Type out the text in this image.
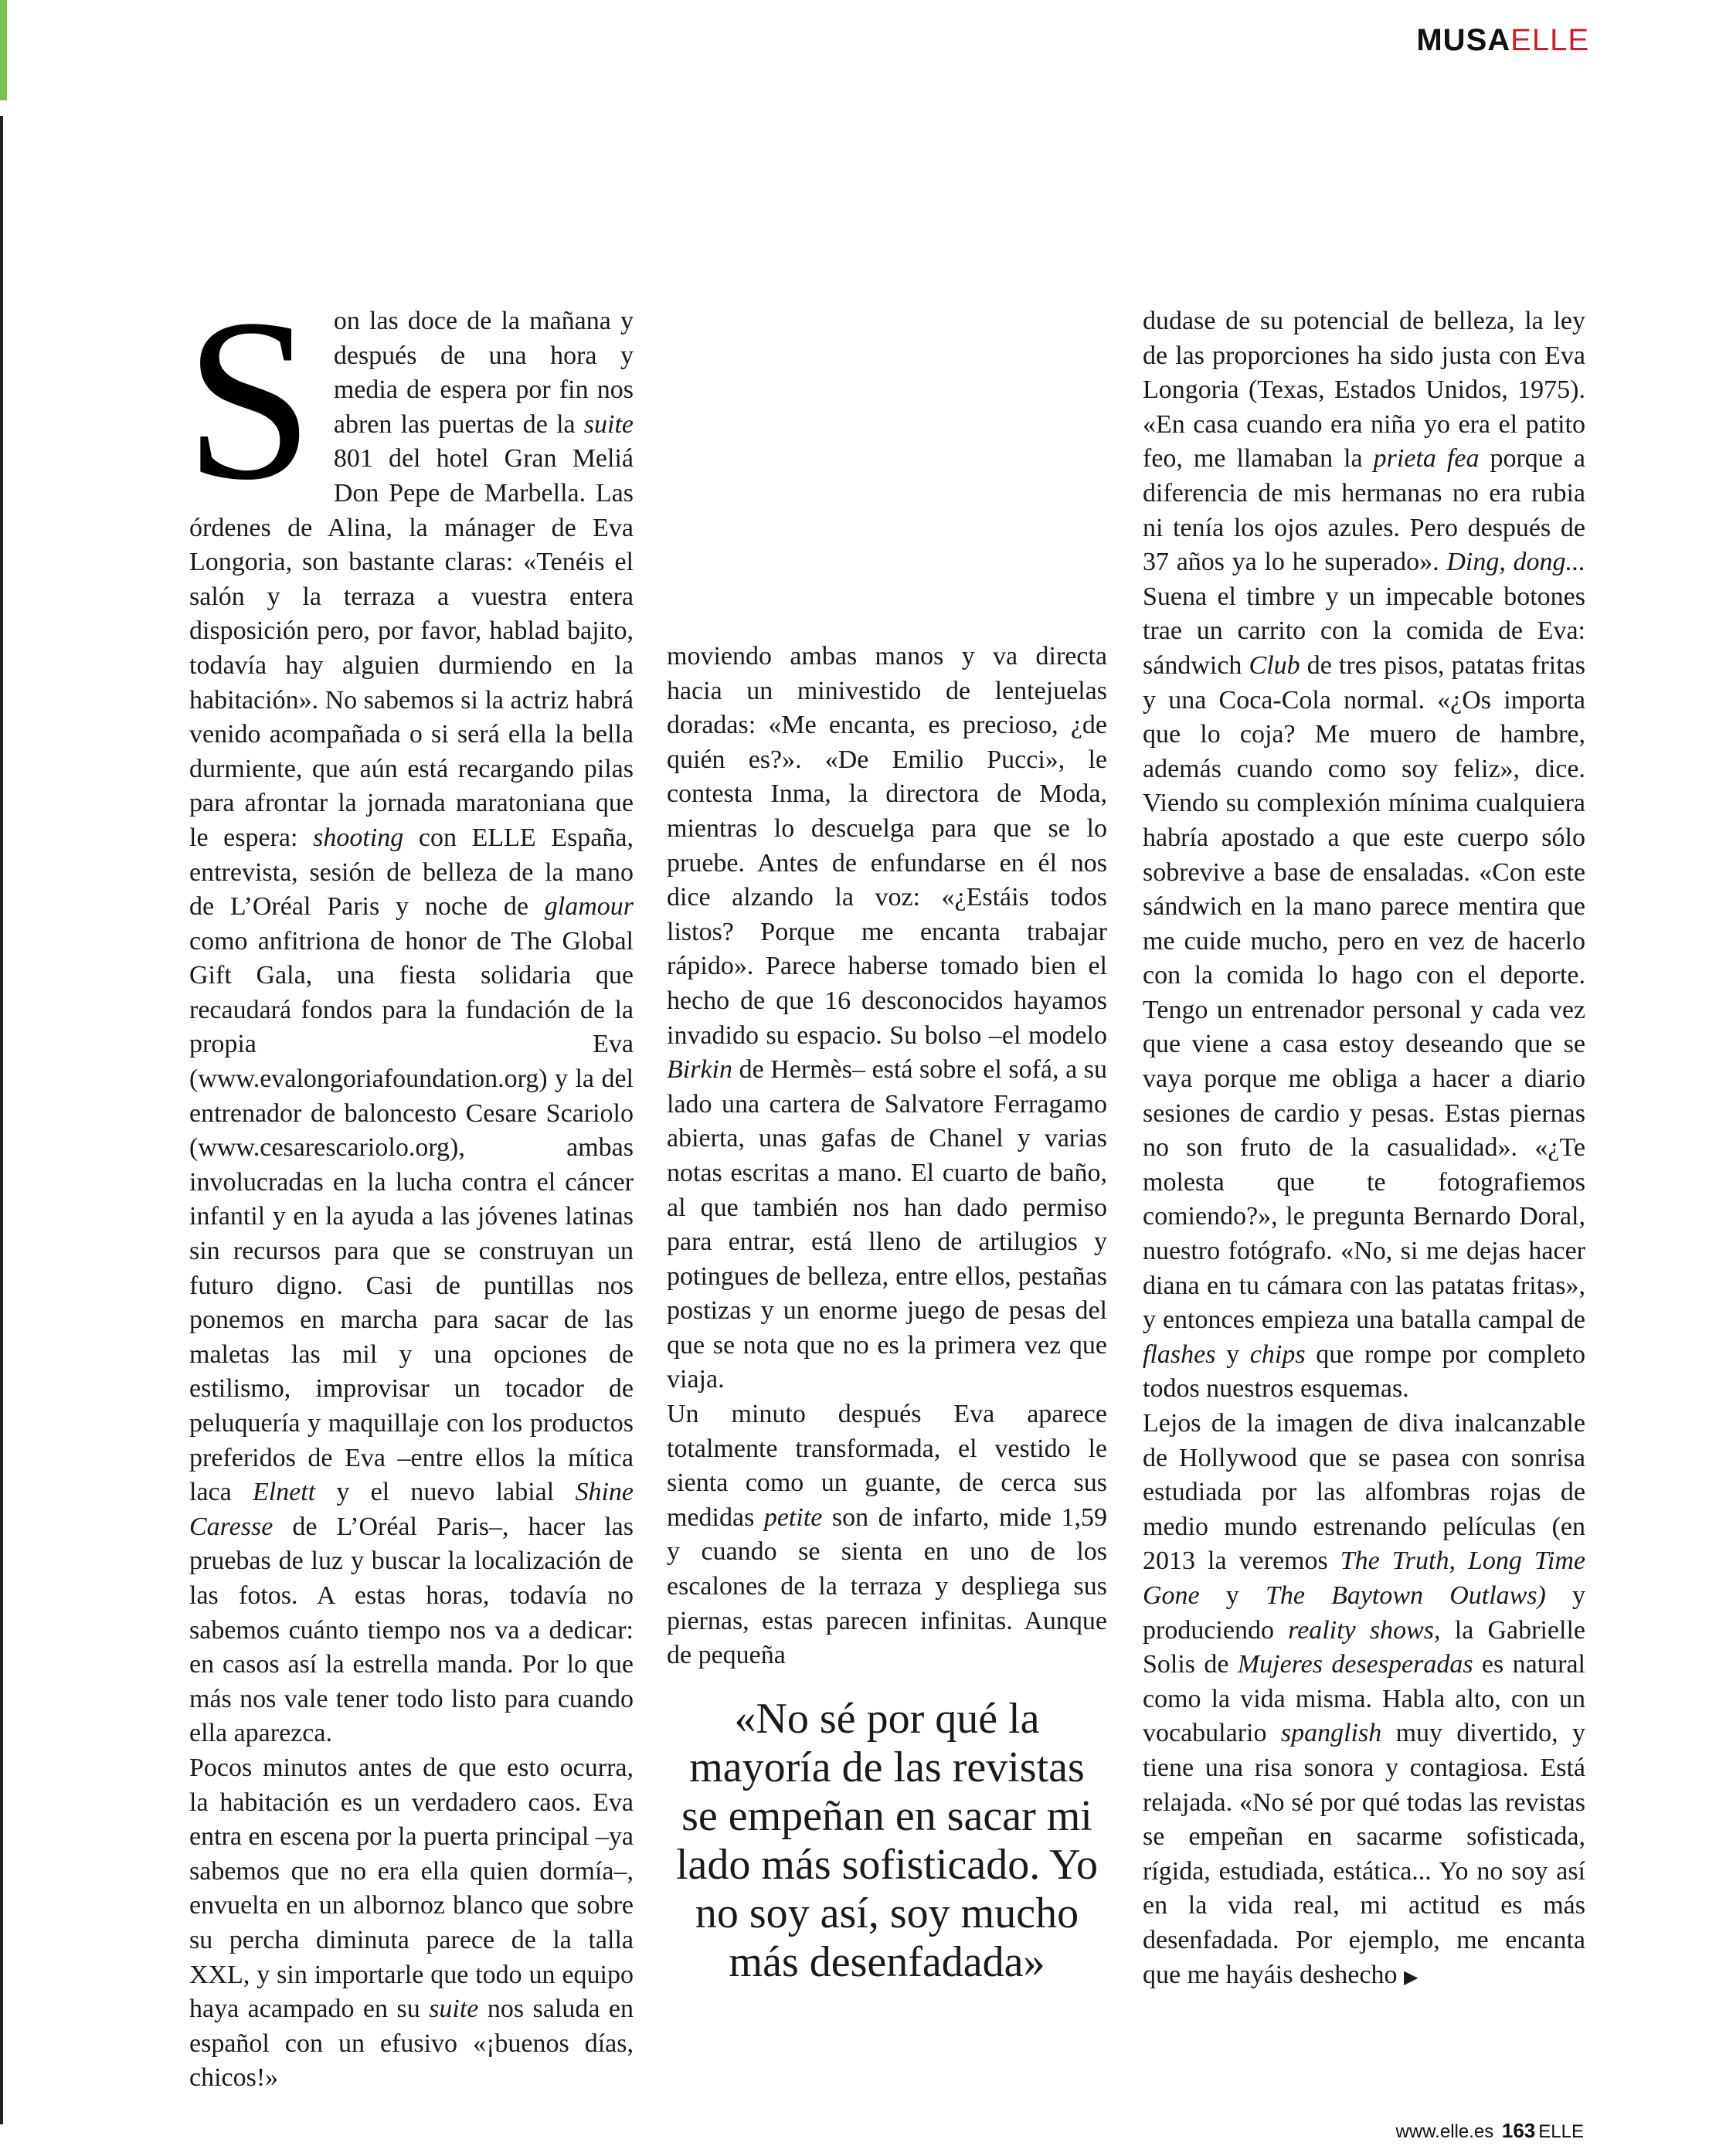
MUSAELLE

Son las doce de la mañana y después de una hora y media de espera por fin nos abren las puertas de la suite 801 del hotel Gran Meliá Don Pepe de Marbella. Las órdenes de Alina, la mánager de Eva Longoria, son bastante claras: «Tenéis el salón y la terraza a vuestra entera disposición pero, por favor, hablad bajito, todavía hay alguien durmiendo en la habitación». No sabemos si la actriz habrá venido acompañada o si será ella la bella durmiente, que aún está recargando pilas para afrontar la jornada maratoniana que le espera: shooting con ELLE España, entrevista, sesión de belleza de la mano de L’Oréal Paris y noche de glamour como anfitriona de honor de The Global Gift Gala, una fiesta solidaria que recaudará fondos para la fundación de la propia Eva (www.evalongoriafoundation.org) y la del entrenador de baloncesto Cesare Scariolo (www.cesarescariolo.org), ambas involucradas en la lucha contra el cáncer infantil y en la ayuda a las jóvenes latinas sin recursos para que se construyan un futuro digno. Casi de puntillas nos ponemos en marcha para sacar de las maletas las mil y una opciones de estilismo, improvisar un tocador de peluquería y maquillaje con los productos preferidos de Eva –entre ellos la mítica laca Elnett y el nuevo labial Shine Caresse de L’Oréal Paris–, hacer las pruebas de luz y buscar la localización de las fotos. A estas horas, todavía no sabemos cuánto tiempo nos va a dedicar: en casos así la estrella manda. Por lo que más nos vale tener todo listo para cuando ella aparezca.

Pocos minutos antes de que esto ocurra, la habitación es un verdadero caos. Eva entra en escena por la puerta principal –ya sabemos que no era ella quien dormía–, envuelta en un albornoz blanco que sobre su percha diminuta parece de la talla XXL, y sin importarle que todo un equipo haya acampado en su suite nos saluda en español con un efusivo «¡buenos días, chicos!»

moviendo ambas manos y va directa hacia un minivestido de lentejuelas doradas: «Me encanta, es precioso, ¿de quién es?». «De Emilio Pucci», le contesta Inma, la directora de Moda, mientras lo descuelga para que se lo pruebe. Antes de enfundarse en él nos dice alzando la voz: «¿Estáis todos listos? Porque me encanta trabajar rápido». Parece haberse tomado bien el hecho de que 16 desconocidos hayamos invadido su espacio. Su bolso –el modelo Birkin de Hermès– está sobre el sofá, a su lado una cartera de Salvatore Ferragamo abierta, unas gafas de Chanel y varias notas escritas a mano. El cuarto de baño, al que también nos han dado permiso para entrar, está lleno de artilugios y potingues de belleza, entre ellos, pestañas postizas y un enorme juego de pesas del que se nota que no es la primera vez que viaja.

Un minuto después Eva aparece totalmente transformada, el vestido le sienta como un guante, de cerca sus medidas petite son de infarto, mide 1,59 y cuando se sienta en uno de los escalones de la terraza y despliega sus piernas, estas parecen infinitas. Aunque de pequeña

«No sé por qué la mayoría de las revistas se empeñan en sacar mi lado más sofisticado. Yo no soy así, soy mucho más desenfadada»

dudase de su potencial de belleza, la ley de las proporciones ha sido justa con Eva Longoria (Texas, Estados Unidos, 1975). «En casa cuando era niña yo era el patito feo, me llamaban la prieta fea porque a diferencia de mis hermanas no era rubia ni tenía los ojos azules. Pero después de 37 años ya lo he superado». Ding, dong... Suena el timbre y un impecable botones trae un carrito con la comida de Eva: sándwich Club de tres pisos, patatas fritas y una Coca-Cola normal. «¿Os importa que lo coja? Me muero de hambre, además cuando como soy feliz», dice. Viendo su complexión mínima cualquiera habría apostado a que este cuerpo sólo sobrevive a base de ensaladas. «Con este sándwich en la mano parece mentira que me cuide mucho, pero en vez de hacerlo con la comida lo hago con el deporte. Tengo un entrenador personal y cada vez que viene a casa estoy deseando que se vaya porque me obliga a hacer a diario sesiones de cardio y pesas. Estas piernas no son fruto de la casualidad». «¿Te molesta que te fotografiemos comiendo?», le pregunta Bernardo Doral, nuestro fotógrafo. «No, si me dejas hacer diana en tu cámara con las patatas fritas», y entonces empieza una batalla campal de flashes y chips que rompe por completo todos nuestros esquemas.

Lejos de la imagen de diva inalcanzable de Hollywood que se pasea con sonrisa estudiada por las alfombras rojas de medio mundo estrenando películas (en 2013 la veremos The Truth, Long Time Gone y The Baytown Outlaws) y produciendo reality shows, la Gabrielle Solis de Mujeres desesperadas es natural como la vida misma. Habla alto, con un vocabulario spanglish muy divertido, y tiene una risa sonora y contagiosa. Está relajada. «No sé por qué todas las revistas se empeñan en sacarme sofisticada, rígida, estudiada, estática... Yo no soy así en la vida real, mi actitud es más desenfadada. Por ejemplo, me encanta que me hayáis deshecho ▶

www.elle.es 163 ELLE
